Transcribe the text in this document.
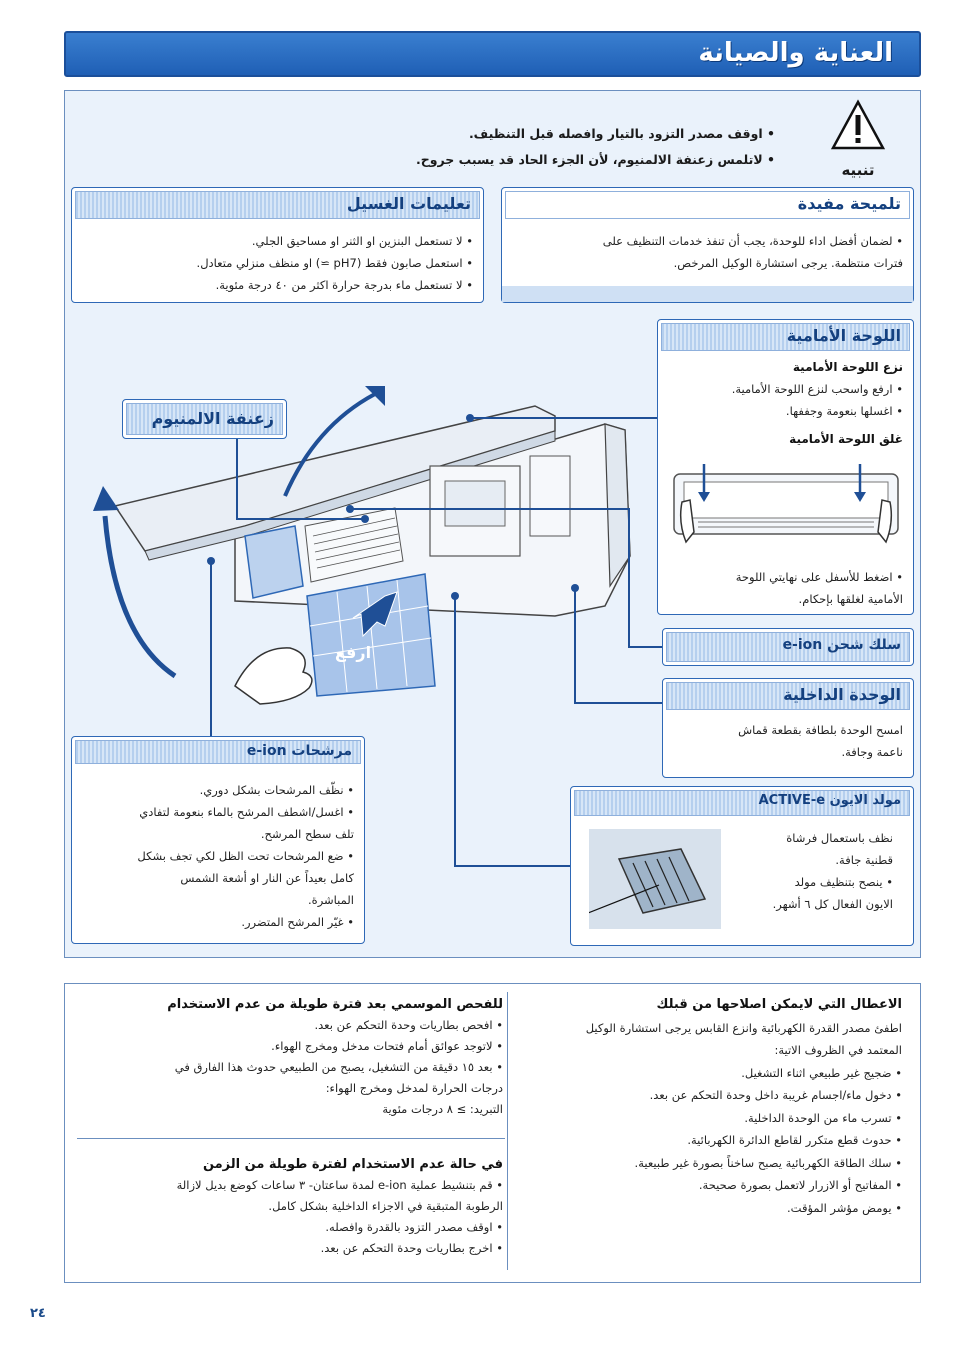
العناية والصيانة
تنبيه

• اوقف مصدر التزود بالتيار وافصله قبل التنظيف.

• لاتلمس زعنفة الالمنيوم، لأن الجزء الحاد قد يسبب جروح.

تعليمات الغسيل

• لا تستعمل البنزين او الثنر او مساحيق الجلي.

• استعمل صابون فقط (pH7 ≃) او منظف منزلي متعادل.

• لا تستعمل ماء بدرجة حرارة اكثر من ٤٠ درجة مئوية.

تلميحة مفيدة

• لضمان أفضل اداء للوحدة، يجب أن تنفذ خدمات التنظيف على

فترات منتظمة. يرجى استشارة الوكيل المرخص.

اللوحة الأمامية

نزع اللوحة الأمامية

• ارفع واسحب لنزع اللوحة الأمامية.

• اغسلها بنعومة وجففها.

غلق اللوحة الأمامية

• اضغط للأسفل على نهايتي اللوحة

الأمامية لغلقها بإحكام.

زعنفة الالمنيوم
سلك شحن e-ion
الوحدة الداخلية

امسح الوحدة بلطافة بقطعة قماش

ناعمة وجافة.

مولد الايون ACTIVE-e

نظف باستعمال فرشاة

قطنية جافة.

• ينصح بتنظيف مولد

الايون الفعال كل ٦ أشهر.

مرشحات e-ion

• نظّف المرشحات بشكل دوري.

• اغسل/اشطف المرشح بالماء بنعومة لتفادي

تلف سطح المرشح.

• ضع المرشحات تحت الظل لكي تجف بشكل

كامل بعيداً عن النار او أشعة الشمس

المباشرة.

• غيّر المرشح المتضرر.

ارفع

للفحص الموسمي بعد فترة طويلة من عدم الاستخدام

• افحص بطاريات وحدة التحكم عن بعد.

• لاتوجد عوائق أمام فتحات مدخل ومخرج الهواء.

• بعد ١٥ دقيقة من التشغيل، يصبح من الطبيعي حدوث هذا الفارق في

درجات الحرارة لمدخل ومخرج الهواء:

التبريد: ≥ ٨ درجات مئوية

في حالة عدم الاستخدام لفترة طويلة من الزمن

• قم بتنشيط عملية e-ion لمدة ساعتان- ٣ ساعات كوضع بديل لازالة

الرطوبة المتبقية في الاجزاء الداخلية بشكل كامل.

• اوقف مصدر التزود بالقدرة وافصله.

• اخرج بطاريات وحدة التحكم عن بعد.

الاعطال التي لايمكن اصلاحها من قبلك

اطفئ مصدر القدرة الكهربائية وانزع القابس يرجى استشارة الوكيل

المعتمد في الظروف الاتية:

• ضجيج غير طبيعي اثناء التشغيل.

• دخول ماء/اجسام غريبة داخل وحدة التحكم عن بعد.

• تسرب ماء من الوحدة الداخلية.

• حدوث قطع متكرر لقاطع الدائرة الكهربائية.

• سلك الطاقة الكهربائية يصبح ساخناً بصورة غير طبيعية.

• المفاتيح أو الازرار لاتعمل بصورة صحيحة.

• يومض مؤشر المؤقت.

٢٤
